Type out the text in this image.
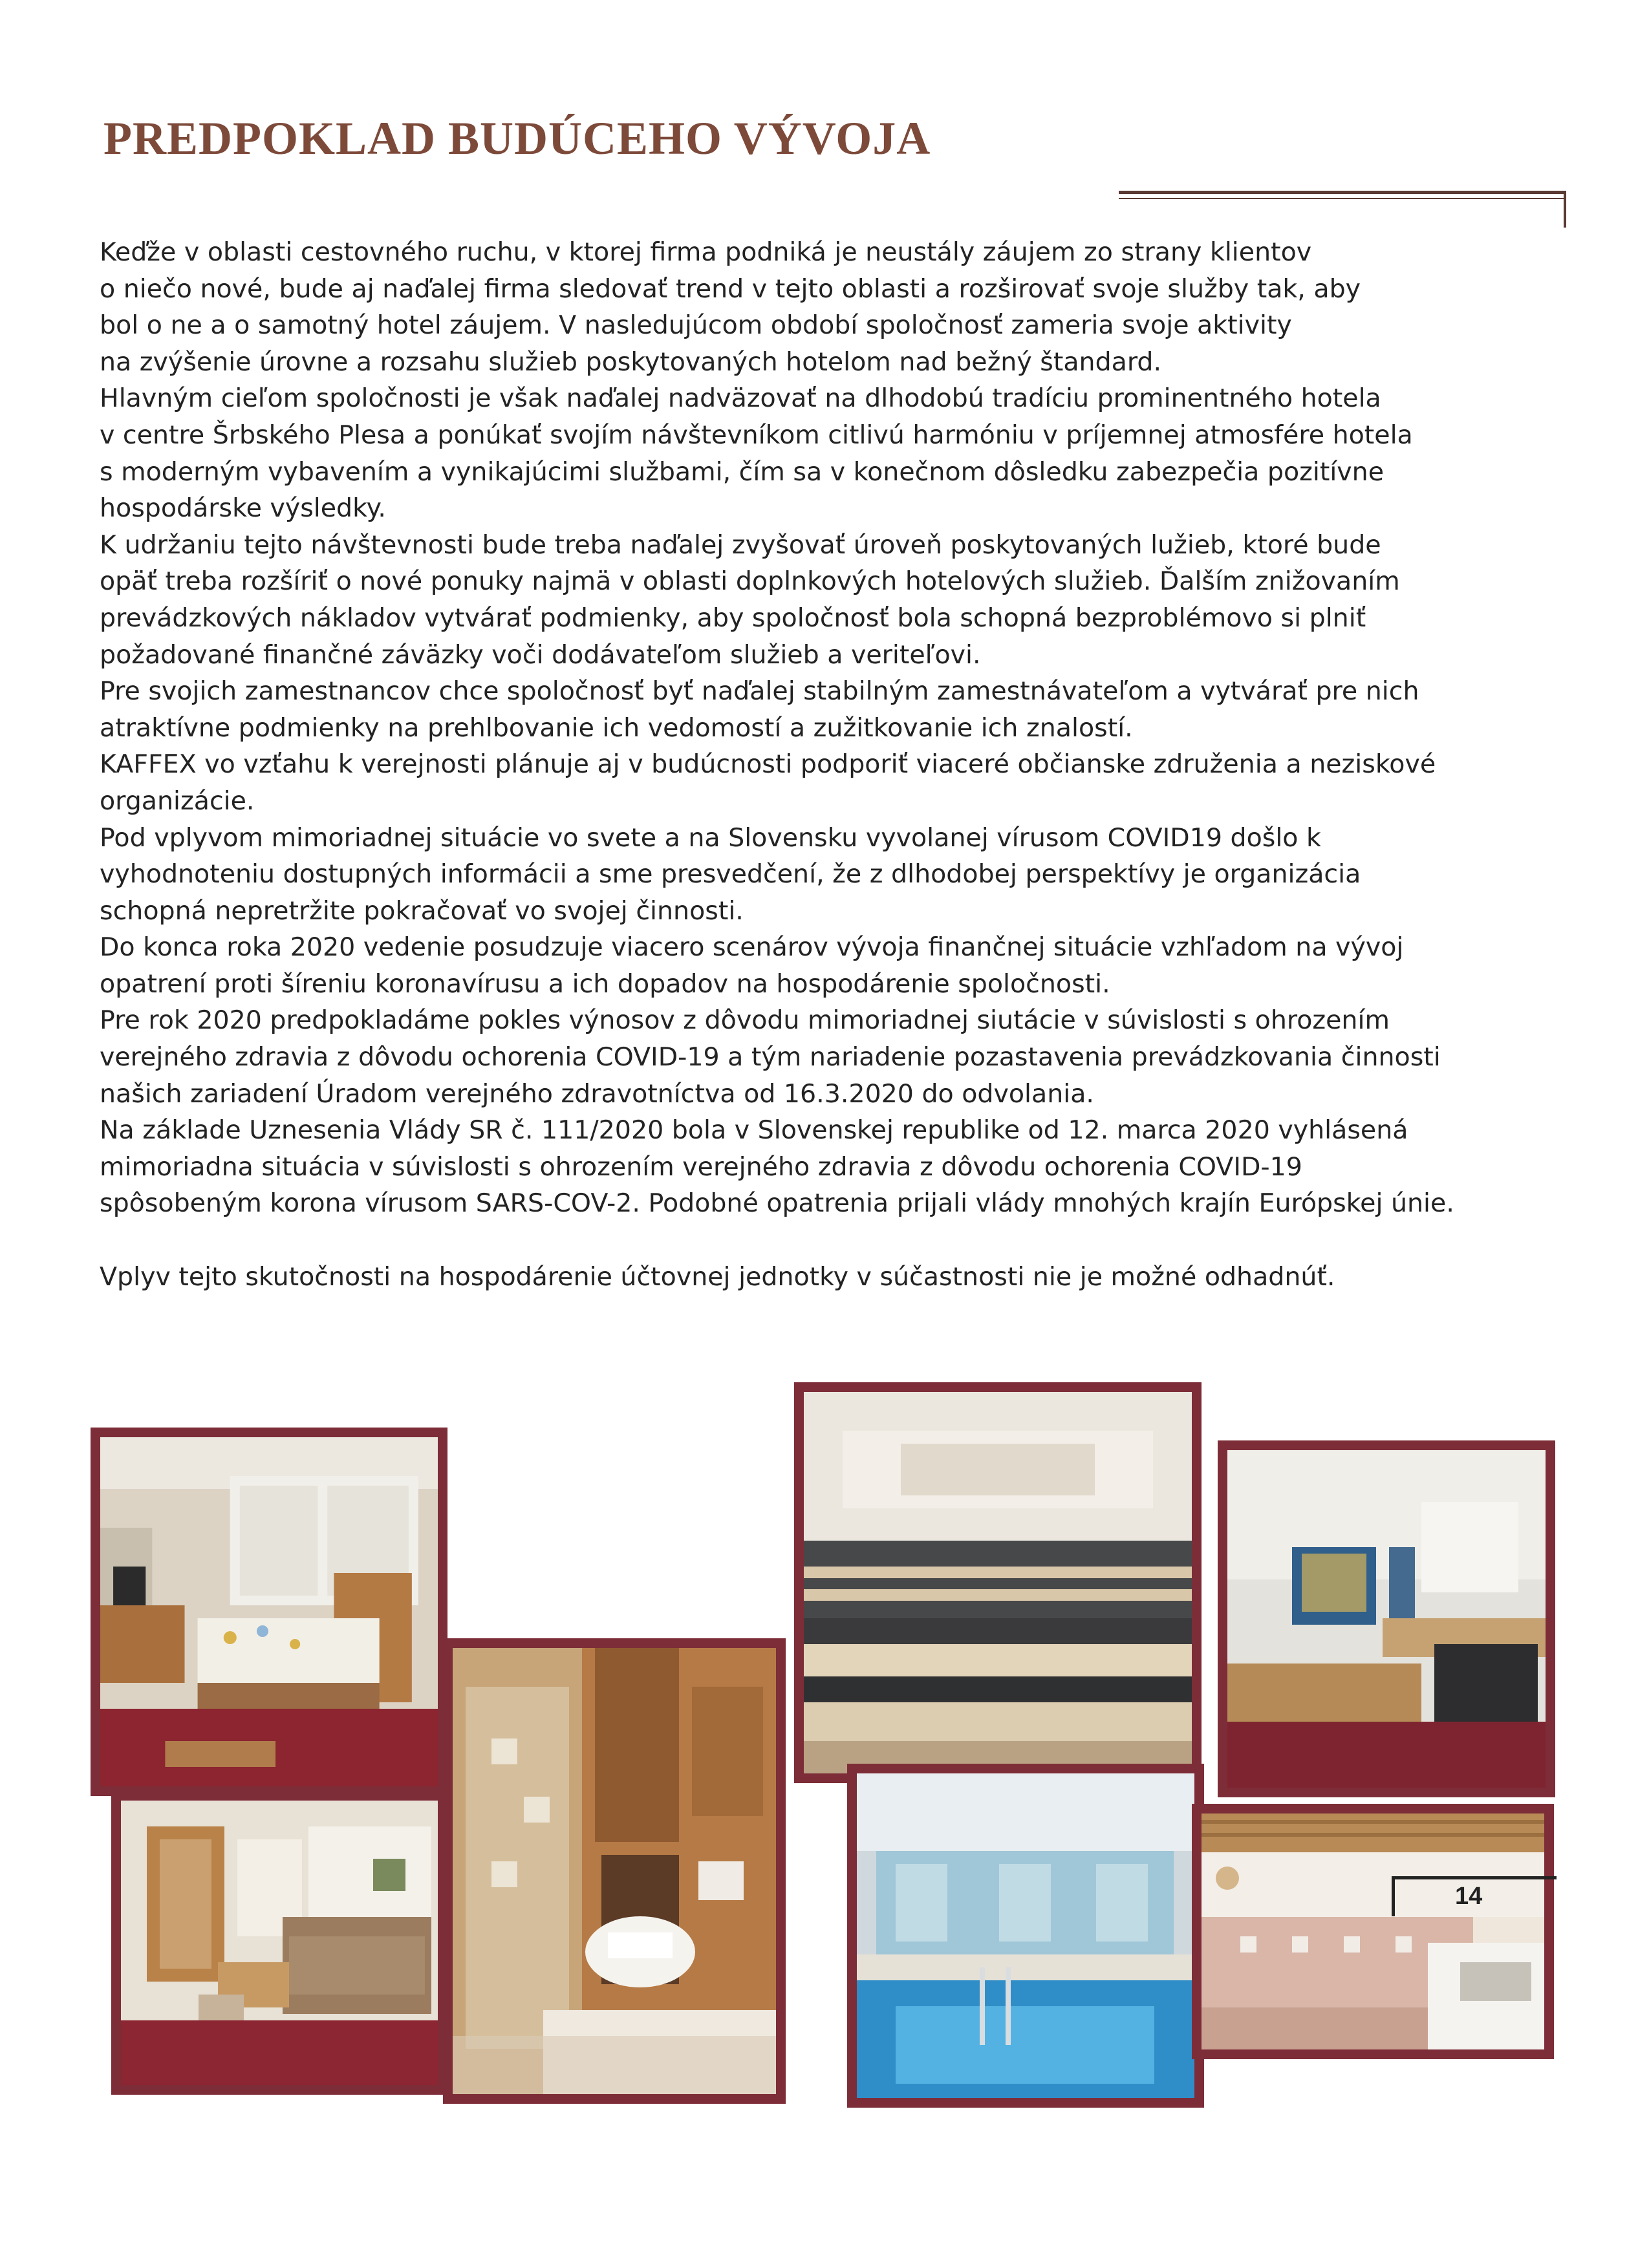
PREDPOKLAD BUDÚCEHO VÝVOJA
Keďže v oblasti cestovného ruchu, v ktorej firma podniká je neustály záujem zo strany klientov
o niečo nové, bude aj naďalej firma sledovať trend v tejto oblasti a rozširovať svoje služby tak, aby
bol o ne a o samotný hotel záujem. V nasledujúcom období spoločnosť zameria svoje aktivity
na zvýšenie úrovne a rozsahu služieb poskytovaných hotelom nad bežný štandard.
Hlavným cieľom spoločnosti je však naďalej nadväzovať na dlhodobú tradíciu prominentného hotela
v centre Šrbského Plesa a ponúkať svojím návštevníkom citlivú harmóniu v príjemnej atmosfére hotela
s moderným vybavením a vynikajúcimi službami, čím sa v konečnom dôsledku zabezpečia pozitívne
hospodárske výsledky.
K udržaniu tejto návštevnosti bude treba naďalej zvyšovať úroveň poskytovaných lužieb, ktoré bude
opäť treba rozšíriť o nové ponuky najmä v oblasti doplnkových hotelových služieb. Ďalším znižovaním
prevádzkových nákladov vytvárať podmienky, aby spoločnosť bola schopná bezproblémovo si plniť
požadované finančné záväzky voči dodávateľom služieb a veriteľovi.
Pre svojich zamestnancov chce spoločnosť byť naďalej stabilným zamestnávateľom a vytvárať pre nich
atraktívne podmienky na prehlbovanie ich vedomostí a zužitkovanie ich znalostí.
KAFFEX vo vzťahu k verejnosti plánuje aj v budúcnosti podporiť viaceré občianske združenia a neziskové
organizácie.
Pod vplyvom mimoriadnej situácie vo svete a na Slovensku vyvolanej vírusom COVID19 došlo k
vyhodnoteniu dostupných informácii a sme presvedčení, že z dlhodobej perspektívy je organizácia
schopná nepretržite pokračovať vo svojej činnosti.
Do konca roka 2020 vedenie posudzuje viacero scenárov vývoja finančnej situácie vzhľadom na vývoj
opatrení proti šíreniu koronavírusu a ich dopadov na hospodárenie spoločnosti.
Pre rok 2020 predpokladáme pokles výnosov z dôvodu mimoriadnej siutácie v súvislosti s ohrozením
verejného zdravia z dôvodu ochorenia COVID-19 a tým nariadenie pozastavenia prevádzkovania činnosti
našich zariadení Úradom verejného zdravotníctva od 16.3.2020 do odvolania.
Na základe Uznesenia Vlády SR č. 111/2020 bola v Slovenskej republike od 12. marca 2020 vyhlásená
mimoriadna situácia v súvislosti s ohrozením verejného zdravia z dôvodu ochorenia COVID-19
spôsobeným korona vírusom SARS-COV-2. Podobné opatrenia prijali vlády mnohých krajín Európskej únie.
Vplyv tejto skutočnosti na hospodárenie účtovnej jednotky v súčastnosti nie je možné odhadnúť.
14
